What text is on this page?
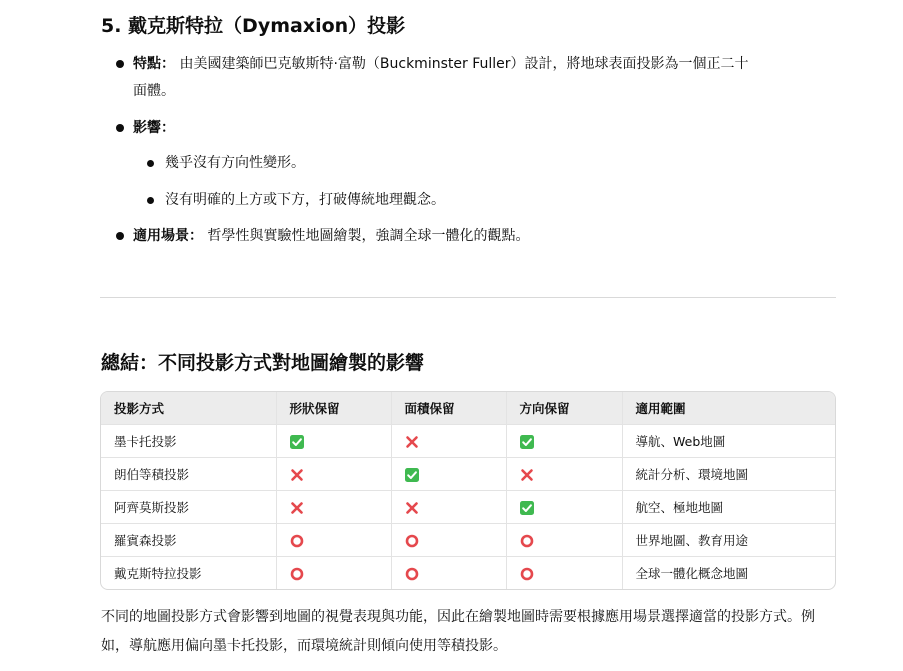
5. 戴克斯特拉（Dymaxion）投影
特點： 由美國建築師巴克敏斯特·富勒（Buckminster Fuller）設計，將地球表面投影為一個正二十
面體。
影響：
幾乎沒有方向性變形。
沒有明確的上方或下方，打破傳統地理觀念。
適用場景： 哲學性與實驗性地圖繪製，強調全球一體化的觀點。
總結：不同投影方式對地圖繪製的影響
投影方式	形狀保留	面積保留	方向保留	適用範圍
墨卡托投影				導航、Web地圖
朗伯等積投影				統計分析、環境地圖
阿齊莫斯投影				航空、極地地圖
羅賓森投影				世界地圖、教育用途
戴克斯特拉投影				全球一體化概念地圖
不同的地圖投影方式會影響到地圖的視覺表現與功能，因此在繪製地圖時需要根據應用場景選擇適當的投影方式。例如，導航應用偏向墨卡托投影，而環境統計則傾向使用等積投影。
